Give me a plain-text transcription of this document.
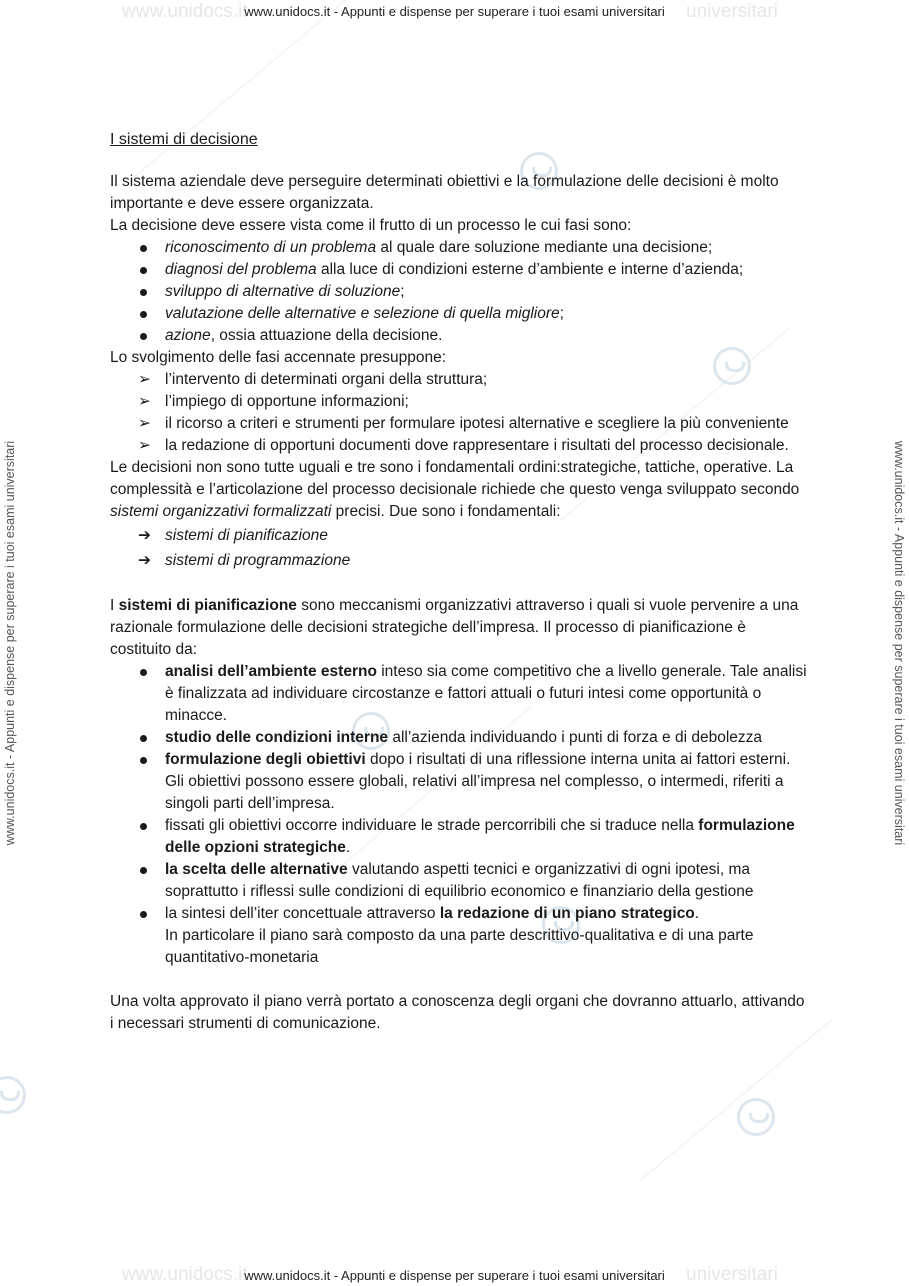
www.unidocs.it	universitari
www.unidocs.it	universitari
www.unidocs.it - Appunti e dispense per superare i tuoi esami universitari
www.unidocs.it - Appunti e dispense per superare i tuoi esami universitari
www.unidocs.it - Appunti e dispense per superare i tuoi esami universitari	www.unidocs.it - Appunti e dispense per superare i tuoi esami universitari
I sistemi di decisione

Il sistema aziendale deve perseguire determinati obiettivi e la formulazione delle decisioni è molto importante e deve essere organizzata.

La decisione deve essere vista come il frutto di un processo le cui fasi sono:

riconoscimento di un problema al quale dare soluzione mediante una decisione;
diagnosi del problema alla luce di condizioni esterne d’ambiente e interne d’azienda;
sviluppo di alternative di soluzione;
valutazione delle alternative e selezione di quella migliore;
azione, ossia attuazione della decisione.

Lo svolgimento delle fasi accennate presuppone:

➢ l’intervento di determinati organi della struttura;
➢ l’impiego di opportune informazioni;
➢ il ricorso a criteri e strumenti per formulare ipotesi alternative e scegliere la più conveniente
➢ la redazione di opportuni documenti dove rappresentare i risultati del processo decisionale.

Le decisioni non sono tutte uguali e tre sono i fondamentali ordini:strategiche, tattiche, operative. La complessità e l’articolazione del processo decisionale richiede che questo venga sviluppato secondo sistemi organizzativi formalizzati precisi. Due sono i fondamentali:

➔ sistemi di pianificazione
➔ sistemi di programmazione

I sistemi di pianificazione sono meccanismi organizzativi attraverso i quali si vuole pervenire a una razionale formulazione delle decisioni strategiche dell’impresa. Il processo di pianificazione è costituito da:

analisi dell’ambiente esterno inteso sia come competitivo che a livello generale. Tale analisi è finalizzata ad individuare circostanze e fattori attuali o futuri intesi come opportunità o minacce.
studio delle condizioni interne all’azienda individuando i punti di forza e di debolezza
formulazione degli obiettivi dopo i risultati di una riflessione interna unita ai fattori esterni. Gli obiettivi possono essere globali, relativi all’impresa nel complesso, o intermedi, riferiti a singoli parti dell’impresa.
fissati gli obiettivi occorre individuare le strade percorribili che si traduce nella formulazione delle opzioni strategiche.
la scelta delle alternative valutando aspetti tecnici e organizzativi di ogni ipotesi, ma soprattutto i riflessi sulle condizioni di equilibrio economico e finanziario della gestione
la sintesi dell’iter concettuale attraverso la redazione di un piano strategico.
In particolare il piano sarà composto da una parte descrittivo-qualitativa e di una parte quantitativo-monetaria

Una volta approvato il piano verrà portato a conoscenza degli organi che dovranno attuarlo, attivando i necessari strumenti di comunicazione.
